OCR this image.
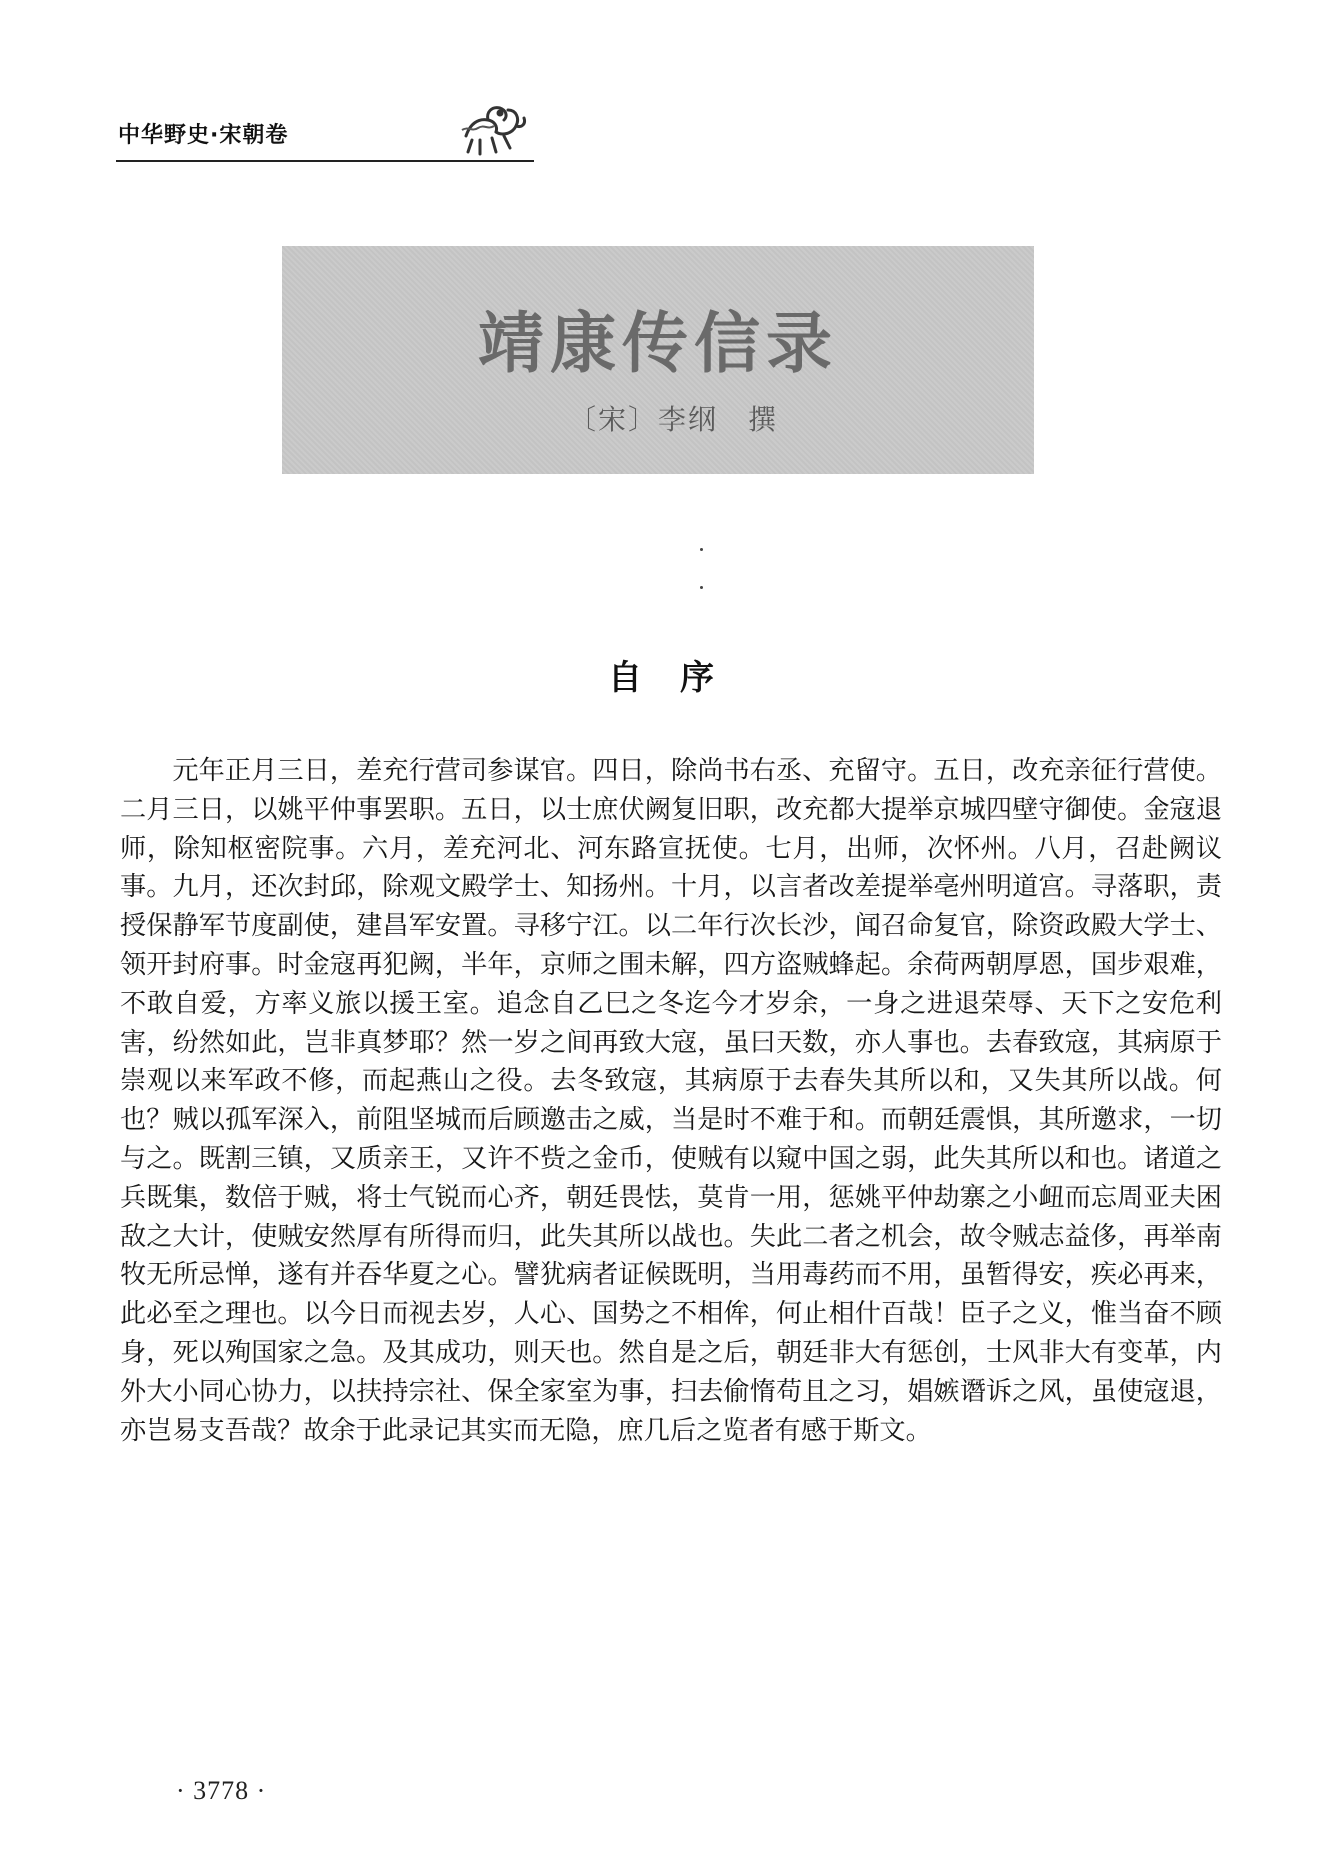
中华野史·宋朝卷
靖康传信录
〔宋〕李纲　撰
自序

元年正月三日，差充行营司参谋官。四日，除尚书右丞、充留守。五日，改充亲征行营使。二月三日，以姚平仲事罢职。五日，以士庶伏阙复旧职，改充都大提举京城四壁守御使。金寇退师，除知枢密院事。六月，差充河北、河东路宣抚使。七月，出师，次怀州。八月，召赴阙议事。九月，还次封邱，除观文殿学士、知扬州。十月，以言者改差提举亳州明道宫。寻落职，责授保静军节度副使，建昌军安置。寻移宁江。以二年行次长沙，闻召命复官，除资政殿大学士、领开封府事。时金寇再犯阙，半年，京师之围未解，四方盗贼蜂起。余荷两朝厚恩，国步艰难，不敢自爱，方率义旅以援王室。追念自乙巳之冬迄今才岁余，一身之进退荣辱、天下之安危利害，纷然如此，岂非真梦耶？然一岁之间再致大寇，虽曰天数，亦人事也。去春致寇，其病原于崇观以来军政不修，而起燕山之役。去冬致寇，其病原于去春失其所以和，又失其所以战。何也？贼以孤军深入，前阻坚城而后顾邀击之威，当是时不难于和。而朝廷震惧，其所邀求，一切与之。既割三镇，又质亲王，又许不赀之金币，使贼有以窥中国之弱，此失其所以和也。诸道之兵既集，数倍于贼，将士气锐而心齐，朝廷畏怯，莫肯一用，惩姚平仲劫寨之小衄而忘周亚夫困敌之大计，使贼安然厚有所得而归，此失其所以战也。失此二者之机会，故令贼志益侈，再举南牧无所忌惮，遂有并吞华夏之心。譬犹病者证候既明，当用毒药而不用，虽暂得安，疾必再来，此必至之理也。以今日而视去岁，人心、国势之不相侔，何止相什百哉！臣子之义，惟当奋不顾身，死以殉国家之急。及其成功，则天也。然自是之后，朝廷非大有惩创，士风非大有变革，内外大小同心协力，以扶持宗社、保全家室为事，扫去偷惰苟且之习，娼嫉谮诉之风，虽使寇退，亦岂易支吾哉？故余于此录记其实而无隐，庶几后之览者有感于斯文。

· 3778 ·
